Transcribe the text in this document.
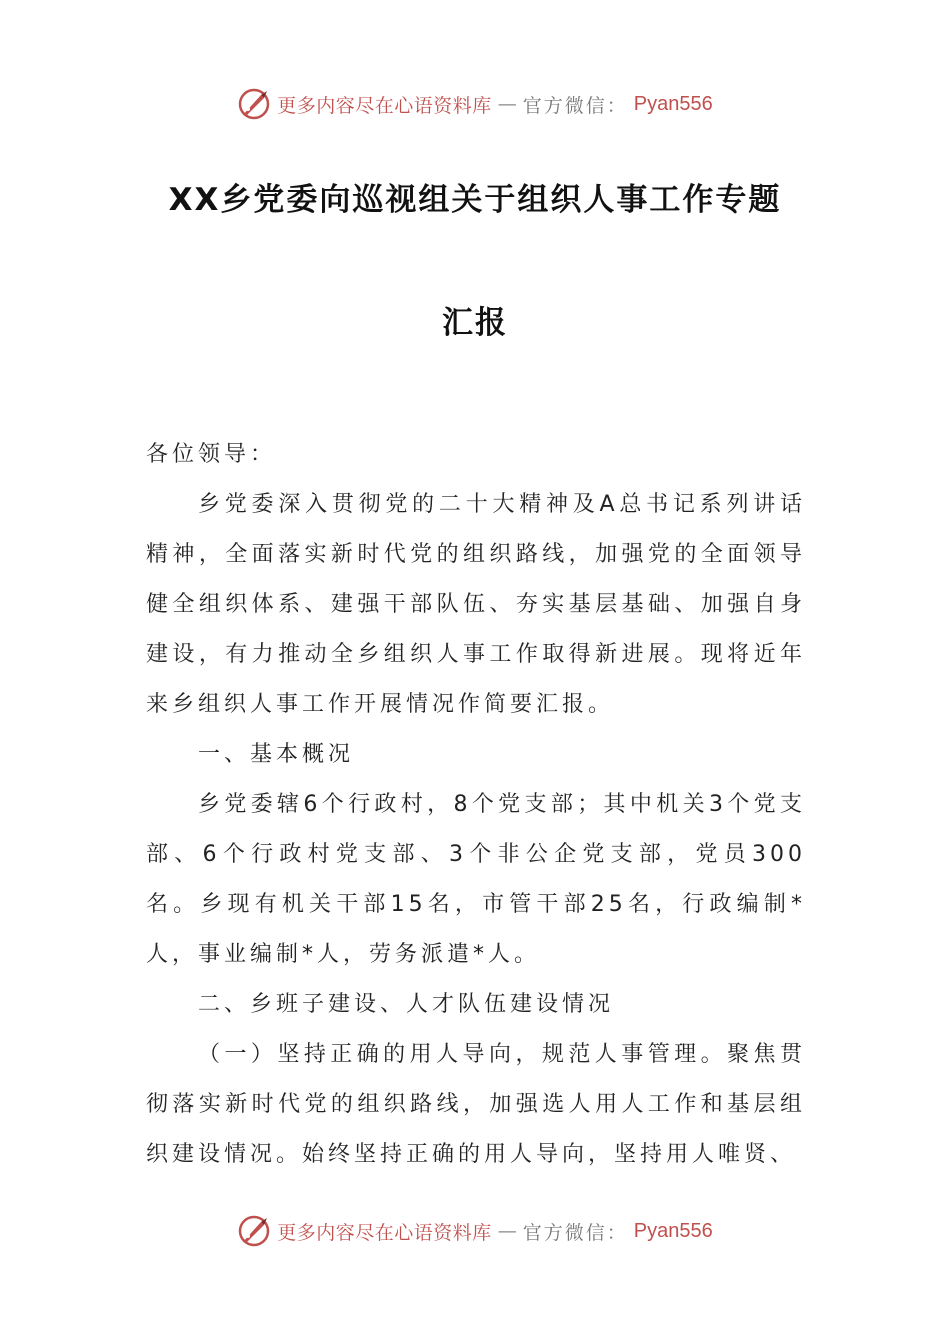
更多内容尽在心语资料库 — 官方微信： Pyan556
XX乡党委向巡视组关于组织人事工作专题
汇报

各位领导：

乡党委深入贯彻党的二十大精神及A总书记系列讲话精神，全面落实新时代党的组织路线，加强党的全面领导健全组织体系、建强干部队伍、夯实基层基础、加强自身建设，有力推动全乡组织人事工作取得新进展。现将近年来乡组织人事工作开展情况作简要汇报。

一、基本概况

乡党委辖6个行政村，8个党支部；其中机关3个党支部、6个行政村党支部、3个非公企党支部，党员300名。乡现有机关干部15名，市管干部25名，行政编制*人，事业编制*人，劳务派遣*人。

二、乡班子建设、人才队伍建设情况

（一）坚持正确的用人导向，规范人事管理。聚焦贯彻落实新时代党的组织路线，加强选人用人工作和基层组织建设情况。始终坚持正确的用人导向，坚持用人唯贤、

更多内容尽在心语资料库 — 官方微信： Pyan556
